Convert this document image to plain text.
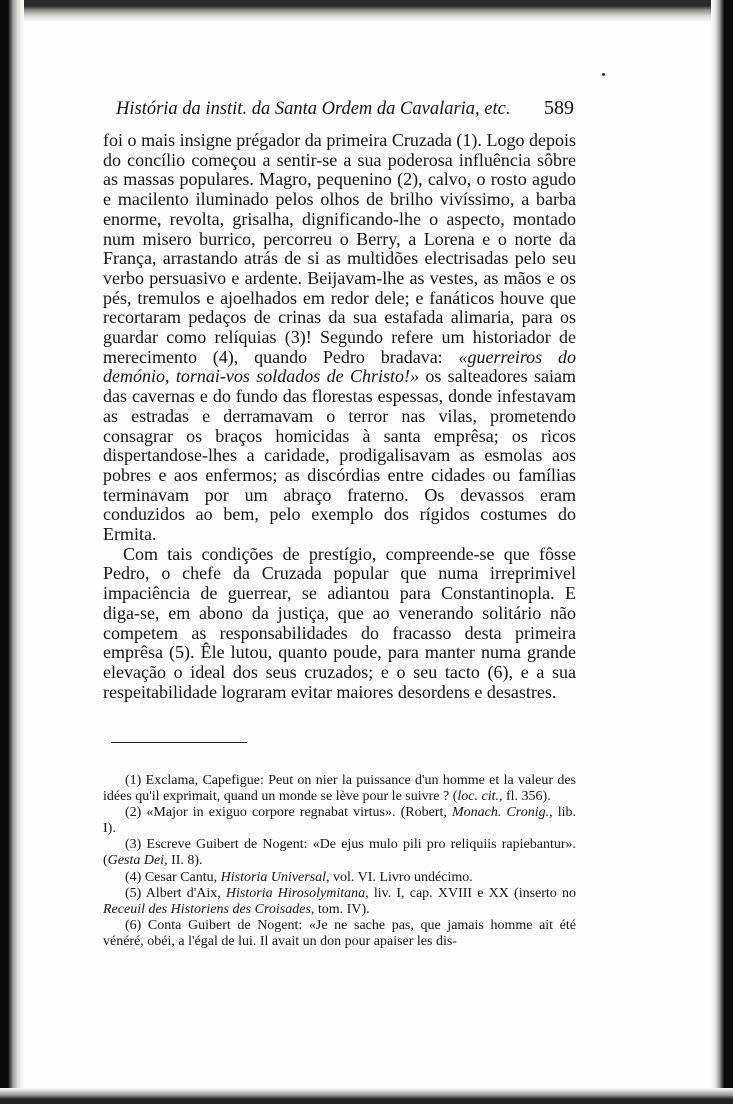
História da instit. da Santa Ordem da Cavalaria, etc. 589

foi o mais insigne prégador da primeira Cruzada (1). Logo depois do concílio começou a sentir-se a sua poderosa influência sôbre as massas populares. Magro, pequenino (2), calvo, o rosto agudo e macilento iluminado pelos olhos de brilho vivíssimo, a barba enorme, revolta, grisalha, dignificando-lhe o aspecto, montado num misero burrico, percorreu o Berry, a Lorena e o norte da França, arrastando atrás de si as multidões electrisadas pelo seu verbo persuasivo e ardente. Beijavam-lhe as vestes, as mãos e os pés, tremulos e ajoelhados em redor dele; e fanáticos houve que recortaram pedaços de crinas da sua estafada alimaria, para os guardar como relíquias (3)! Segundo refere um historiador de merecimento (4), quando Pedro bradava: «guerreiros do demónio, tornai-vos soldados de Christo!» os salteadores saiam das cavernas e do fundo das florestas espessas, donde infestavam as estradas e derramavam o terror nas vilas, prometendo consagrar os braços homicidas à santa emprêsa; os ricos dispertandose-lhes a caridade, prodigalisavam as esmolas aos pobres e aos enfermos; as discórdias entre cidades ou famílias terminavam por um abraço fraterno. Os devassos eram conduzidos ao bem, pelo exemplo dos rígidos costumes do Ermita.

Com tais condições de prestígio, compreende-se que fôsse Pedro, o chefe da Cruzada popular que numa irreprimivel impaciência de guerrear, se adiantou para Constantinopla. E diga-se, em abono da justiça, que ao venerando solitário não competem as responsabilidades do fracasso desta primeira emprêsa (5). Êle lutou, quanto poude, para manter numa grande elevação o ideal dos seus cruzados; e o seu tacto (6), e a sua respeitabilidade lograram evitar maiores desordens e desastres.

(1) Exclama, Capefigue: Peut on nier la puissance d'un homme et la valeur des idées qu'il exprimait, quand un monde se lève pour le suivre ? (loc. cit., fl. 356).

(2) «Major in exiguo corpore regnabat virtus». (Robert, Monach. Cronig., lib. I).

(3) Escreve Guibert de Nogent: «De ejus mulo pili pro reliquiis rapiebantur». (Gesta Dei, II. 8).

(4) Cesar Cantu, Historia Universal, vol. VI. Livro undécimo.

(5) Albert d'Aix, Historia Hirosolymitana, liv. I, cap. XVIII e XX (inserto no Receuil des Historiens des Croisades, tom. IV).

(6) Conta Guibert de Nogent: «Je ne sache pas, que jamais homme ait été vénéré, obéi, a l'égal de lui. Il avait un don pour apaiser les dis-
